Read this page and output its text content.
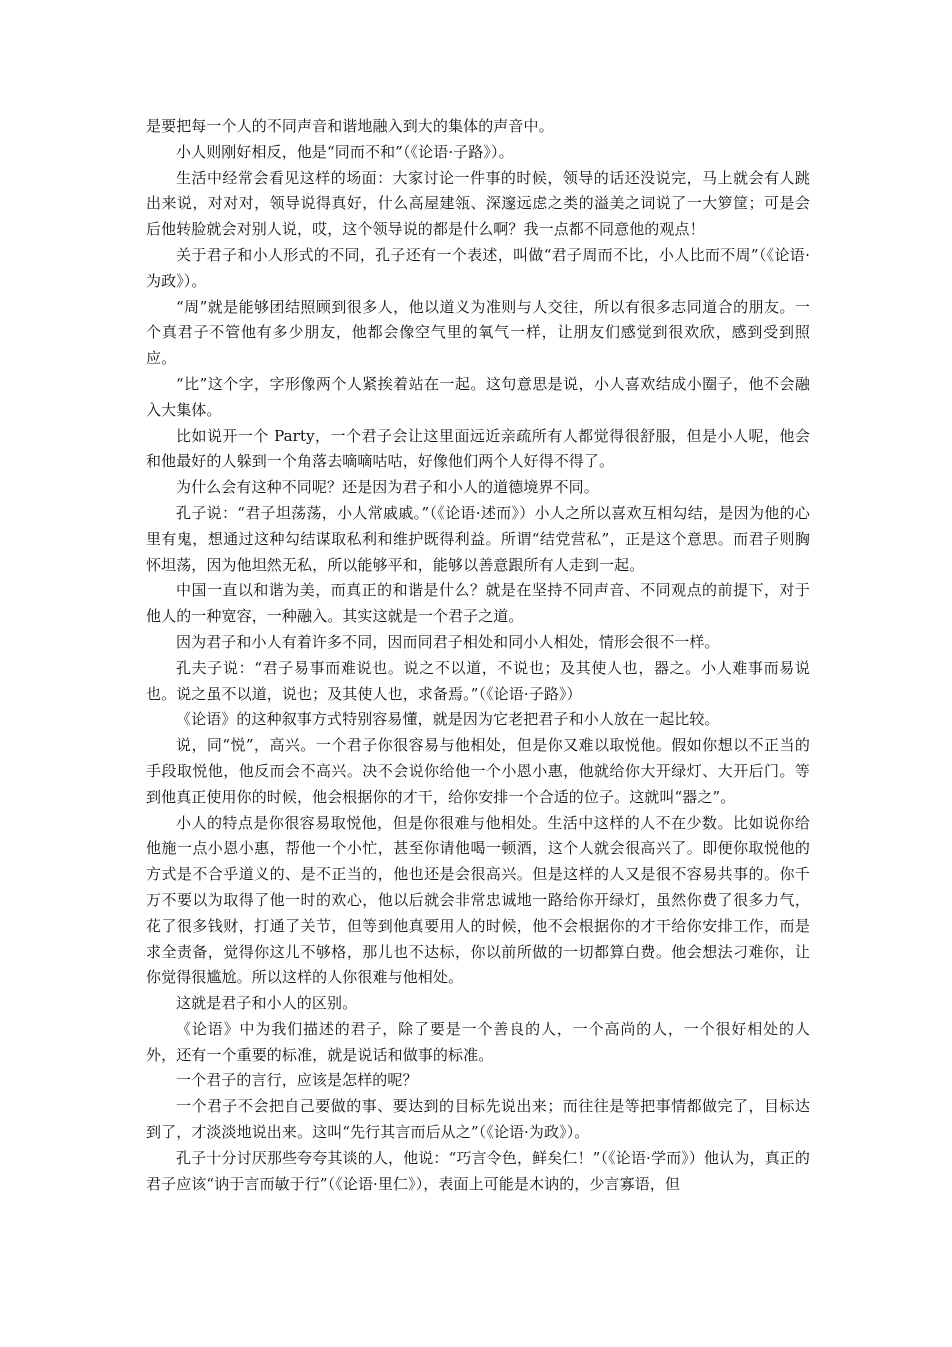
是要把每一个人的不同声音和谐地融入到大的集体的声音中。

小人则刚好相反，他是“同而不和”（《论语·子路》）。

生活中经常会看见这样的场面：大家讨论一件事的时候，领导的话还没说完，马上就会有人跳出来说，对对对，领导说得真好，什么高屋建瓴、深邃远虑之类的溢美之词说了一大箩筐；可是会后他转脸就会对别人说，哎，这个领导说的都是什么啊？我一点都不同意他的观点！

关于君子和小人形式的不同，孔子还有一个表述，叫做“君子周而不比，小人比而不周”（《论语·为政》）。

“周”就是能够团结照顾到很多人，他以道义为准则与人交往，所以有很多志同道合的朋友。一个真君子不管他有多少朋友，他都会像空气里的氧气一样，让朋友们感觉到很欢欣，感到受到照应。

“比”这个字，字形像两个人紧挨着站在一起。这句意思是说，小人喜欢结成小圈子，他不会融入大集体。

比如说开一个 Party，一个君子会让这里面远近亲疏所有人都觉得很舒服，但是小人呢，他会和他最好的人躲到一个角落去嘀嘀咕咕，好像他们两个人好得不得了。

为什么会有这种不同呢？还是因为君子和小人的道德境界不同。

孔子说：“君子坦荡荡，小人常戚戚。”（《论语·述而》）小人之所以喜欢互相勾结，是因为他的心里有鬼，想通过这种勾结谋取私利和维护既得利益。所谓“结党营私”，正是这个意思。而君子则胸怀坦荡，因为他坦然无私，所以能够平和，能够以善意跟所有人走到一起。

中国一直以和谐为美，而真正的和谐是什么？就是在坚持不同声音、不同观点的前提下，对于他人的一种宽容，一种融入。其实这就是一个君子之道。

因为君子和小人有着许多不同，因而同君子相处和同小人相处，情形会很不一样。

孔夫子说：“君子易事而难说也。说之不以道，不说也；及其使人也，器之。小人难事而易说也。说之虽不以道，说也；及其使人也，求备焉。”（《论语·子路》）

《论语》的这种叙事方式特别容易懂，就是因为它老把君子和小人放在一起比较。

说，同“悦”，高兴。一个君子你很容易与他相处，但是你又难以取悦他。假如你想以不正当的手段取悦他，他反而会不高兴。决不会说你给他一个小恩小惠，他就给你大开绿灯、大开后门。等到他真正使用你的时候，他会根据你的才干，给你安排一个合适的位子。这就叫“器之”。

小人的特点是你很容易取悦他，但是你很难与他相处。生活中这样的人不在少数。比如说你给他施一点小恩小惠，帮他一个小忙，甚至你请他喝一顿酒，这个人就会很高兴了。即便你取悦他的方式是不合乎道义的、是不正当的，他也还是会很高兴。但是这样的人又是很不容易共事的。你千万不要以为取得了他一时的欢心，他以后就会非常忠诚地一路给你开绿灯，虽然你费了很多力气，花了很多钱财，打通了关节，但等到他真要用人的时候，他不会根据你的才干给你安排工作，而是求全责备，觉得你这儿不够格，那儿也不达标，你以前所做的一切都算白费。他会想法刁难你，让你觉得很尴尬。所以这样的人你很难与他相处。

这就是君子和小人的区别。

《论语》中为我们描述的君子，除了要是一个善良的人，一个高尚的人，一个很好相处的人外，还有一个重要的标准，就是说话和做事的标准。

一个君子的言行，应该是怎样的呢？

一个君子不会把自己要做的事、要达到的目标先说出来；而往往是等把事情都做完了，目标达到了，才淡淡地说出来。这叫“先行其言而后从之”（《论语·为政》）。

孔子十分讨厌那些夸夸其谈的人，他说：“巧言令色，鲜矣仁！”（《论语·学而》）他认为，真正的君子应该“讷于言而敏于行”（《论语·里仁》），表面上可能是木讷的，少言寡语，但
